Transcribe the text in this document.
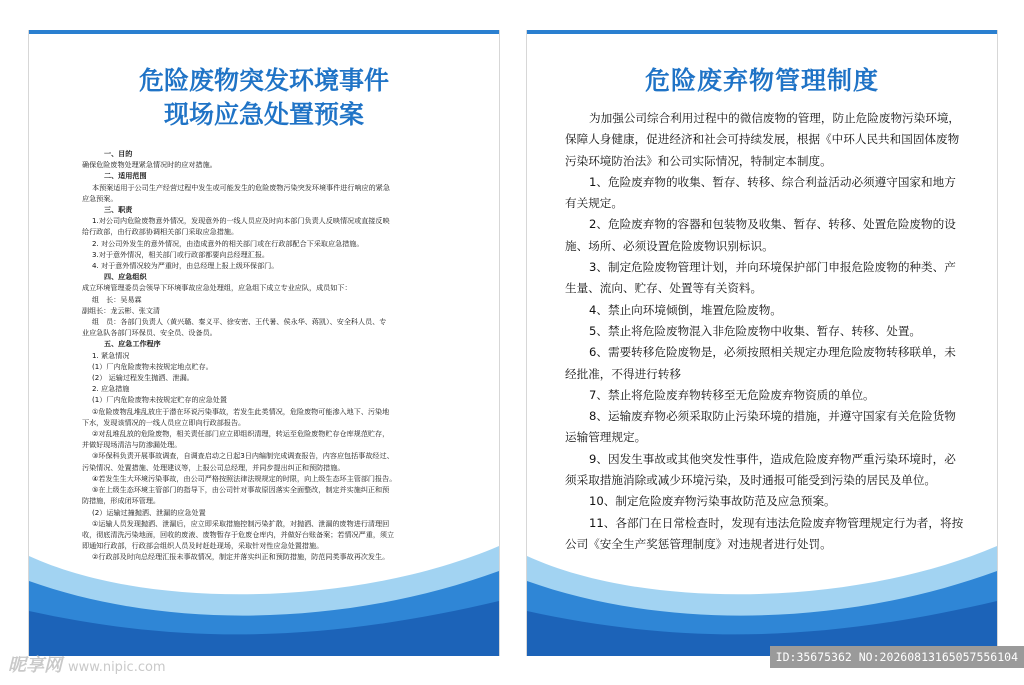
危险废物突发环境事件
现场应急处置预案

一、目的

确保危险废物处理紧急情况时的应对措施。

二、适用范围

本预案适用于公司生产经营过程中发生或可能发生的危险废物污染突发环境事件进行响应的紧急

应急预案。

三、职责

1.对公司内危险废物意外情况，发现意外的一线人员应及时向本部门负责人反映情况或直接反映

给行政部，由行政部协调相关部门采取应急措施。

2. 对公司外发生的意外情况，由造成意外的相关部门或在行政部配合下采取应急措施。

3.对于意外情况，相关部门或行政部都要向总经理汇报。

4. 对于意外情况较为严重时，由总经理上报上级环保部门。

四、应急组织

成立环境管理委员会领导下环境事故应急处理组，应急组下成立专业应队，成员如下：

组　长：吴易霖

副组长：龙云彬、张文清

组　员：各部门负责人（黄兴璐、秦义平、徐安密、王代暑、侯永华、蒋凯）、安全科人员、专

业应急队各部门环保员、安全员、设备员。

五、应急工作程序

1. 紧急情况

(1）厂内危险废物未按规定地点贮存。

(2） 运输过程发生抛洒、泄漏。

2. 应急措施

(1）厂内危险废物未按规定贮存的应急处置

①危险废物乱堆乱放庄于潜在环说污染事故，若发生此类情况，危险废物可能渗入地下、污染地

下水，发现该情况的一线人员应立即向行政部报告。

②对乱堆乱放的危险废物，相关责任部门应立即组织清理，转运至危险废物贮存仓库规范贮存，

并做好现场清洁与防渗漏处理。

③环保科负责开展事故调查，自调查启动之日起3日内编制完成调查报告，内容应包括事故经过、

污染情况、处置措施、处理建议等，上报公司总经理，并同步提出纠正和预防措施。

④若发生生大环境污染事故，由公司严格按照法律法规规定的时限，向上级生态环主管部门报告。

⑤在上级生态环境主管部门的指导下，由公司针对事故原因落实全面整改，制定并实施纠正和预

防措施，形成闭环管理。

(2）运输过撞抛洒、泄漏的应急处置

①运输人员发现抛洒、泄漏后，应立即采取措施控制污染扩散，对抛洒、泄漏的废物进行清理回

收，彻底清洗污染地面，回收的废液、废物暂存于危废仓库内，并做好台账备案；若情况严重，须立

即通知行政部，行政部会组织人员及时赶赴现场，采取针对性应急处置措施。

②行政部及时向总经理汇报未事故情况，制定并落实纠正和预防措施，防范同类事故再次发生。

危险废弃物管理制度

为加强公司综合利用过程中的微信废物的管理，防止危险废物污染环境，保障人身健康，促进经济和社会可持续发展，根据《中环人民共和国固体废物污染环境防治法》和公司实际情况，特制定本制度。

1、危险废弃物的收集、暂存、转移、综合利益活动必须遵守国家和地方有关规定。

2、危险废弃物的容器和包装物及收集、暂存、转移、处置危险废物的设施、场所、必须设置危险废物识别标识。

3、制定危险废物管理计划，并向环境保护部门申报危险废物的种类、产生量、流向、贮存、处置等有关资料。

4、禁止向环境倾倒，堆置危险废物。

5、禁止将危险废物混入非危险废物中收集、暂存、转移、处置。

6、需要转移危险废物是，必须按照相关规定办理危险废物转移联单，未经批准，不得进行转移

7、禁止将危险废弃物转移至无危险废弃物资质的单位。

8、运输废弃物必须采取防止污染环境的措施，并遵守国家有关危险货物运输管理规定。

9、因发生事故或其他突发性事件，造成危险废弃物严重污染环境时，必须采取措施消除或减少环境污染，及时通报可能受到污染的居民及单位。

10、制定危险废弃物污染事故防范及应急预案。

11、各部门在日常检查时，发现有违法危险废弃物管理规定行为者，将按公司《安全生产奖惩管理制度》对违规者进行处罚。

昵享网 www.nipic.com
ID:35675362 NO:20260813165057556104
